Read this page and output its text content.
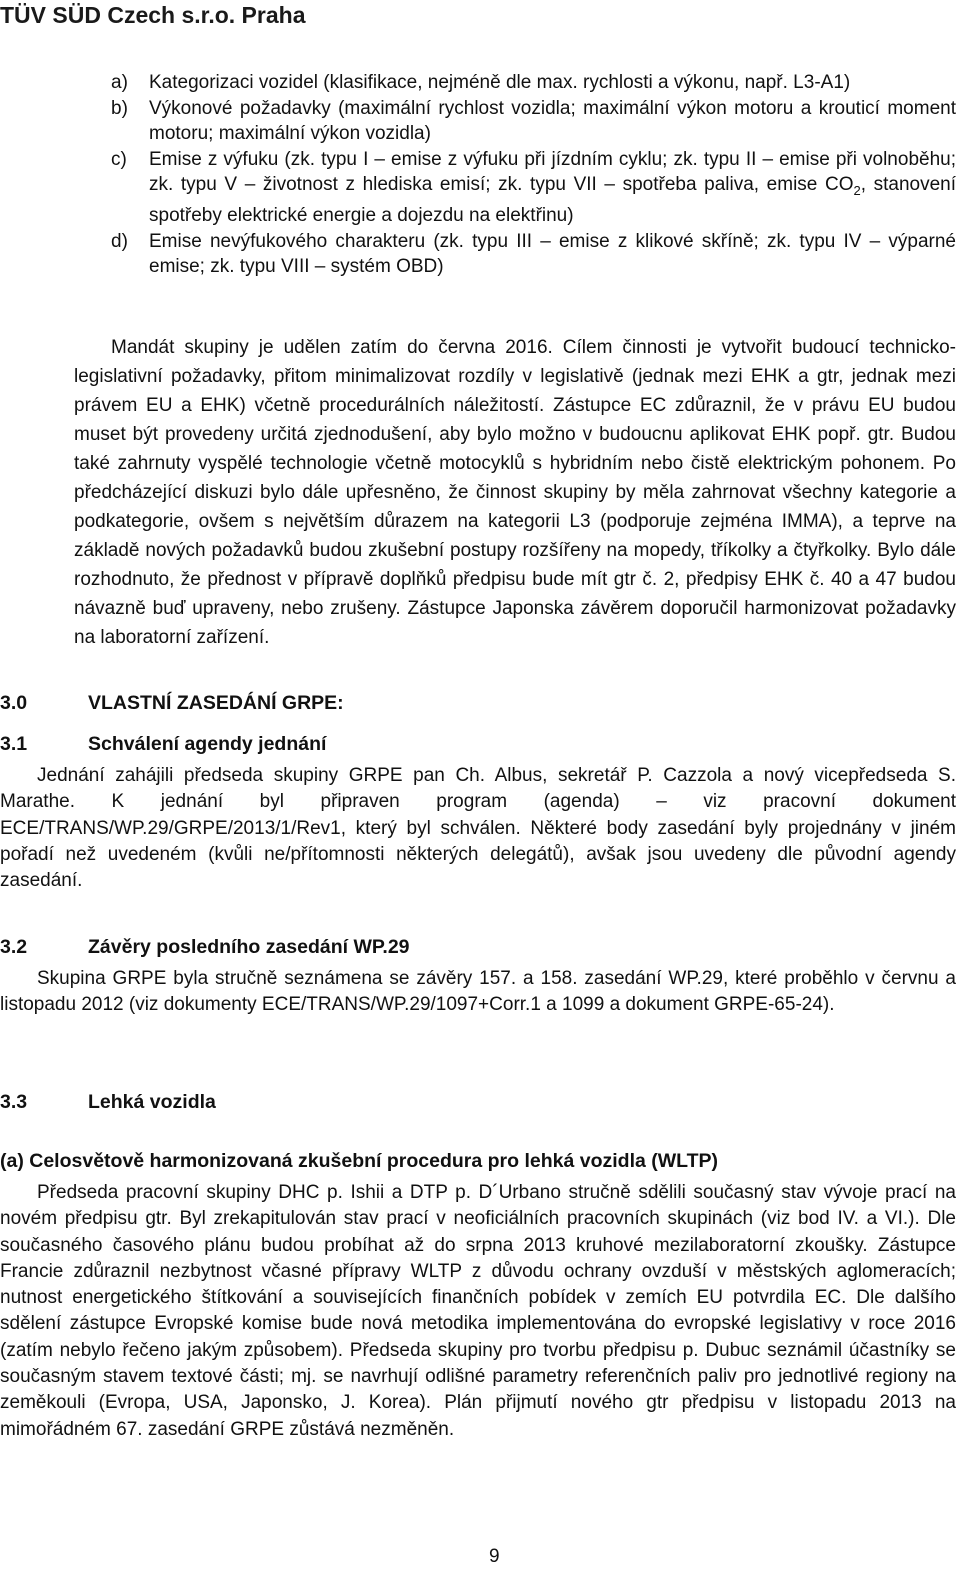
TÜV SÜD Czech s.r.o. Praha
a) Kategorizaci vozidel (klasifikace, nejméně dle max. rychlosti a výkonu, např. L3-A1)
b) Výkonové požadavky (maximální rychlost vozidla; maximální výkon motoru a krouticí moment motoru; maximální výkon vozidla)
c) Emise z výfuku (zk. typu I – emise z výfuku při jízdním cyklu; zk. typu II – emise při volnoběhu; zk. typu V – životnost z hlediska emisí; zk. typu VII – spotřeba paliva, emise $CO_2$, stanovení spotřeby elektrické energie a dojezdu na elektřinu)
d) Emise nevýfukového charakteru (zk. typu III – emise z klikové skříně; zk. typu IV – výparné emise; zk. typu VIII – systém OBD)

Mandát skupiny je udělen zatím do června 2016. Cílem činnosti je vytvořit budoucí technicko-legislativní požadavky, přitom minimalizovat rozdíly v legislativě (jednak mezi EHK a gtr, jednak mezi právem EU a EHK) včetně procedurálních náležitostí. Zástupce EC zdůraznil, že v právu EU budou muset být provedeny určitá zjednodušení, aby bylo možno v budoucnu aplikovat EHK popř. gtr. Budou také zahrnuty vyspělé technologie včetně motocyklů s hybridním nebo čistě elektrickým pohonem. Po předcházející diskuzi bylo dále upřesněno, že činnost skupiny by měla zahrnovat všechny kategorie a podkategorie, ovšem s největším důrazem na kategorii L3 (podporuje zejména IMMA), a teprve na základě nových požadavků budou zkušební postupy rozšířeny na mopedy, tříkolky a čtyřkolky. Bylo dále rozhodnuto, že přednost v přípravě doplňků předpisu bude mít gtr č. 2, předpisy EHK č. 40 a 47 budou návazně buď upraveny, nebo zrušeny. Zástupce Japonska závěrem doporučil harmonizovat požadavky na laboratorní zařízení.

3.0	VLASTNÍ ZASEDÁNÍ GRPE:
3.1	Schválení agendy jednání

Jednání zahájili předseda skupiny GRPE pan Ch. Albus, sekretář P. Cazzola a nový vicepředseda S. Marathe. K jednání byl připraven program (agenda) – viz pracovní dokument ECE/TRANS/WP.29/GRPE/2013/1/Rev1, který byl schválen. Některé body zasedání byly projednány v jiném pořadí než uvedeném (kvůli ne/přítomnosti některých delegátů), avšak jsou uvedeny dle původní agendy zasedání.

3.2	Závěry posledního zasedání WP.29

Skupina GRPE byla stručně seznámena se závěry 157. a 158. zasedání WP.29, které proběhlo v červnu a listopadu 2012 (viz dokumenty ECE/TRANS/WP.29/1097+Corr.1 a 1099 a dokument GRPE-65-24).

3.3	Lehká vozidla
(a) Celosvětově harmonizovaná zkušební procedura pro lehká vozidla (WLTP)

Předseda pracovní skupiny DHC p. Ishii a DTP p. D´Urbano stručně sdělili současný stav vývoje prací na novém předpisu gtr. Byl zrekapitulován stav prací v neoficiálních pracovních skupinách (viz bod IV. a VI.). Dle současného časového plánu budou probíhat až do srpna 2013 kruhové mezilaboratorní zkoušky. Zástupce Francie zdůraznil nezbytnost včasné přípravy WLTP z důvodu ochrany ovzduší v městských aglomeracích; nutnost energetického štítkování a souvisejících finančních pobídek v zemích EU potvrdila EC. Dle dalšího sdělení zástupce Evropské komise bude nová metodika implementována do evropské legislativy v roce 2016 (zatím nebylo řečeno jakým způsobem). Předseda skupiny pro tvorbu předpisu p. Dubuc seznámil účastníky se současným stavem textové části; mj. se navrhují odlišné parametry referenčních paliv pro jednotlivé regiony na zeměkouli (Evropa, USA, Japonsko, J. Korea). Plán přijmutí nového gtr předpisu v listopadu 2013 na mimořádném 67. zasedání GRPE zůstává nezměněn.

9
